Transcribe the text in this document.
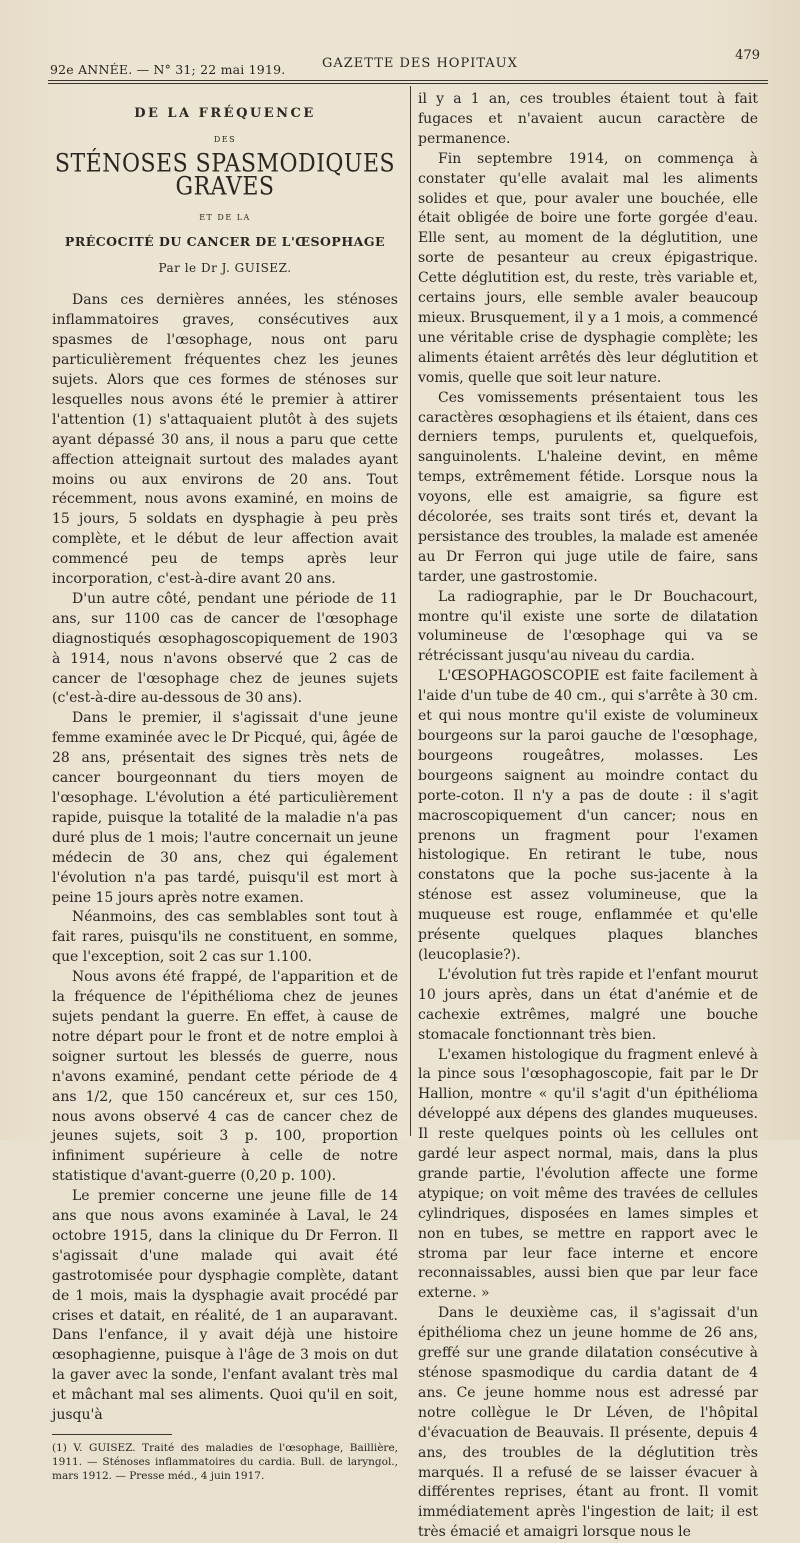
92e ANNÉE. — N° 31; 22 mai 1919.	GAZETTE DES HOPITAUX
479
DE LA FRÉQUENCE
DES
STÉNOSES SPASMODIQUES GRAVES
ET DE LA
PRÉCOCITÉ DU CANCER DE L'ŒSOPHAGE
Par le Dr J. GUISEZ.

Dans ces dernières années, les sténoses inflammatoires graves, consécutives aux spasmes de l'œsophage, nous ont paru particulièrement fréquentes chez les jeunes sujets. Alors que ces formes de sténoses sur lesquelles nous avons été le premier à attirer l'attention (1) s'attaquaient plutôt à des sujets ayant dépassé 30 ans, il nous a paru que cette affection atteignait surtout des malades ayant moins ou aux environs de 20 ans. Tout récemment, nous avons examiné, en moins de 15 jours, 5 soldats en dysphagie à peu près complète, et le début de leur affection avait commencé peu de temps après leur incorporation, c'est-à-dire avant 20 ans.

D'un autre côté, pendant une période de 11 ans, sur 1100 cas de cancer de l'œsophage diagnostiqués œsophagoscopiquement de 1903 à 1914, nous n'avons observé que 2 cas de cancer de l'œsophage chez de jeunes sujets (c'est-à-dire au-dessous de 30 ans).

Dans le premier, il s'agissait d'une jeune femme examinée avec le Dr Picqué, qui, âgée de 28 ans, présentait des signes très nets de cancer bourgeonnant du tiers moyen de l'œsophage. L'évolution a été particulièrement rapide, puisque la totalité de la maladie n'a pas duré plus de 1 mois; l'autre concernait un jeune médecin de 30 ans, chez qui également l'évolution n'a pas tardé, puisqu'il est mort à peine 15 jours après notre examen.

Néanmoins, des cas semblables sont tout à fait rares, puisqu'ils ne constituent, en somme, que l'exception, soit 2 cas sur 1.100.

Nous avons été frappé, de l'apparition et de la fréquence de l'épithélioma chez de jeunes sujets pendant la guerre. En effet, à cause de notre départ pour le front et de notre emploi à soigner surtout les blessés de guerre, nous n'avons examiné, pendant cette période de 4 ans 1/2, que 150 cancéreux et, sur ces 150, nous avons observé 4 cas de cancer chez de jeunes sujets, soit 3 p. 100, proportion infiniment supérieure à celle de notre statistique d'avant-guerre (0,20 p. 100).

Le premier concerne une jeune fille de 14 ans que nous avons examinée à Laval, le 24 octobre 1915, dans la clinique du Dr Ferron. Il s'agissait d'une malade qui avait été gastrotomisée pour dysphagie complète, datant de 1 mois, mais la dysphagie avait procédé par crises et datait, en réalité, de 1 an auparavant. Dans l'enfance, il y avait déjà une histoire œsophagienne, puisque à l'âge de 3 mois on dut la gaver avec la sonde, l'enfant avalant très mal et mâchant mal ses aliments. Quoi qu'il en soit, jusqu'à

(1) V. GUISEZ. Traité des maladies de l'œsophage, Baillière, 1911. — Sténoses inflammatoires du cardia. Bull. de laryngol., mars 1912. — Presse méd., 4 juin 1917.

il y a 1 an, ces troubles étaient tout à fait fugaces et n'avaient aucun caractère de permanence.

Fin septembre 1914, on commença à constater qu'elle avalait mal les aliments solides et que, pour avaler une bouchée, elle était obligée de boire une forte gorgée d'eau. Elle sent, au moment de la déglutition, une sorte de pesanteur au creux épigastrique. Cette déglutition est, du reste, très variable et, certains jours, elle semble avaler beaucoup mieux. Brusquement, il y a 1 mois, a commencé une véritable crise de dysphagie complète; les aliments étaient arrêtés dès leur déglutition et vomis, quelle que soit leur nature.

Ces vomissements présentaient tous les caractères œsophagiens et ils étaient, dans ces derniers temps, purulents et, quelquefois, sanguinolents. L'haleine devint, en même temps, extrêmement fétide. Lorsque nous la voyons, elle est amaigrie, sa figure est décolorée, ses traits sont tirés et, devant la persistance des troubles, la malade est amenée au Dr Ferron qui juge utile de faire, sans tarder, une gastrostomie.

La radiographie, par le Dr Bouchacourt, montre qu'il existe une sorte de dilatation volumineuse de l'œsophage qui va se rétrécissant jusqu'au niveau du cardia.

L'ŒSOPHAGOSCOPIE est faite facilement à l'aide d'un tube de 40 cm., qui s'arrête à 30 cm. et qui nous montre qu'il existe de volumineux bourgeons sur la paroi gauche de l'œsophage, bourgeons rougeâtres, molasses. Les bourgeons saignent au moindre contact du porte-coton. Il n'y a pas de doute : il s'agit macroscopiquement d'un cancer; nous en prenons un fragment pour l'examen histologique. En retirant le tube, nous constatons que la poche sus-jacente à la sténose est assez volumineuse, que la muqueuse est rouge, enflammée et qu'elle présente quelques plaques blanches (leucoplasie?).

L'évolution fut très rapide et l'enfant mourut 10 jours après, dans un état d'anémie et de cachexie extrêmes, malgré une bouche stomacale fonctionnant très bien.

L'examen histologique du fragment enlevé à la pince sous l'œsophagoscopie, fait par le Dr Hallion, montre « qu'il s'agit d'un épithélioma développé aux dépens des glandes muqueuses. Il reste quelques points où les cellules ont gardé leur aspect normal, mais, dans la plus grande partie, l'évolution affecte une forme atypique; on voit même des travées de cellules cylindriques, disposées en lames simples et non en tubes, se mettre en rapport avec le stroma par leur face interne et encore reconnaissables, aussi bien que par leur face externe. »

Dans le deuxième cas, il s'agissait d'un épithélioma chez un jeune homme de 26 ans, greffé sur une grande dilatation consécutive à sténose spasmodique du cardia datant de 4 ans. Ce jeune homme nous est adressé par notre collègue le Dr Léven, de l'hôpital d'évacuation de Beauvais. Il présente, depuis 4 ans, des troubles de la déglutition très marqués. Il a refusé de se laisser évacuer à différentes reprises, étant au front. Il vomit immédiatement après l'ingestion de lait; il est très émacié et amaigri lorsque nous le
